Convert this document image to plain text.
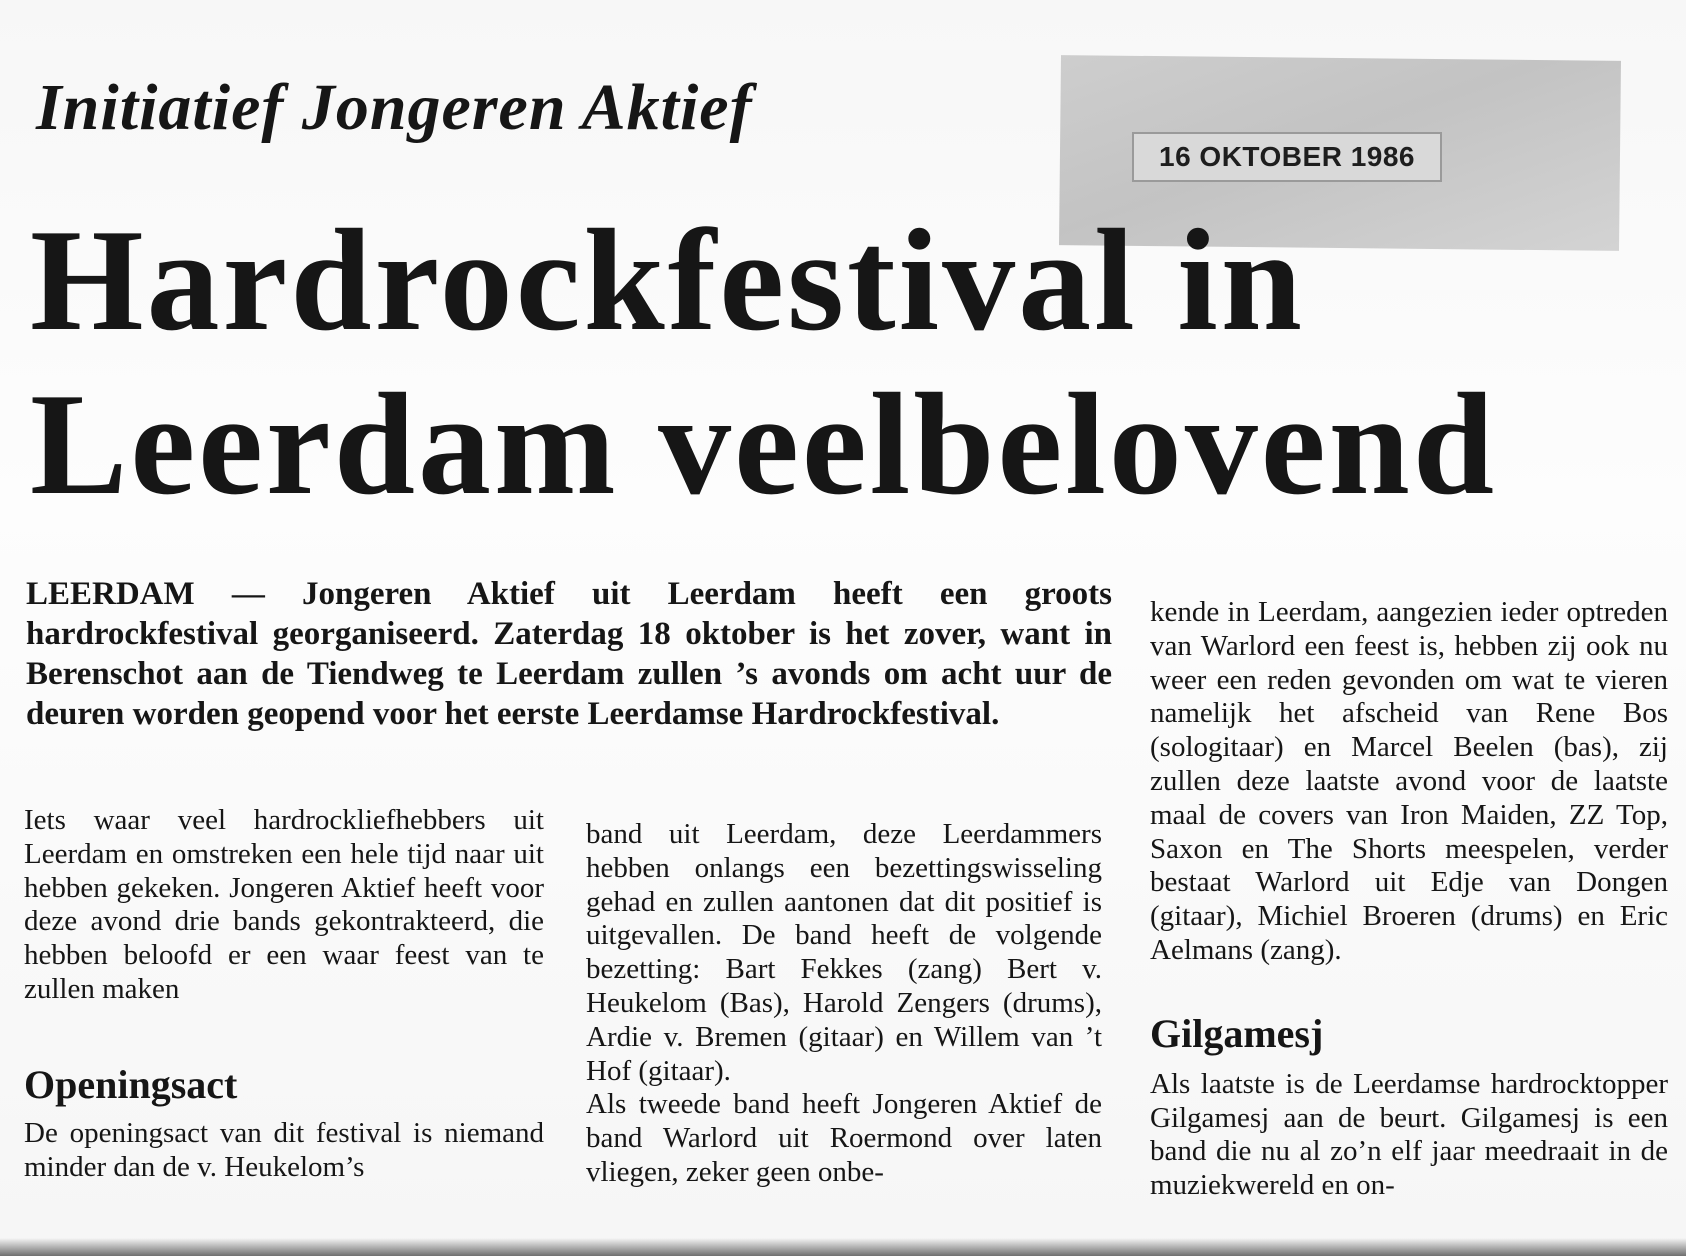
16 OKTOBER 1986
Initiatief Jongeren Aktief
Hardrockfestival in Leerdam veelbelovend

LEERDAM — Jongeren Aktief uit Leerdam heeft een groots hardrockfestival georganiseerd. Zaterdag 18 oktober is het zover, want in Berenschot aan de Tiendweg te Leerdam zullen ’s avonds om acht uur de deuren worden geopend voor het eerste Leerdamse Hardrockfestival.

Iets waar veel hardrockliefhebbers uit Leerdam en omstreken een hele tijd naar uit hebben gekeken. Jongeren Aktief heeft voor deze avond drie bands gekontrakteerd, die hebben beloofd er een waar feest van te zullen maken

Openingsact

De openingsact van dit festival is niemand minder dan de v. Heukelom’s

band uit Leerdam, deze Leerdammers hebben onlangs een bezettingswisseling gehad en zullen aantonen dat dit positief is uitgevallen. De band heeft de volgende bezetting: Bart Fekkes (zang) Bert v. Heukelom (Bas), Harold Zengers (drums), Ardie v. Bremen (gitaar) en Willem van ’t Hof (gitaar).

Als tweede band heeft Jongeren Aktief de band Warlord uit Roermond over laten vliegen, zeker geen onbe-

kende in Leerdam, aangezien ieder optreden van Warlord een feest is, hebben zij ook nu weer een reden gevonden om wat te vieren namelijk het afscheid van Rene Bos (sologitaar) en Marcel Beelen (bas), zij zullen deze laatste avond voor de laatste maal de covers van Iron Maiden, ZZ Top, Saxon en The Shorts meespelen, verder bestaat Warlord uit Edje van Dongen (gitaar), Michiel Broeren (drums) en Eric Aelmans (zang).

Gilgamesj

Als laatste is de Leerdamse hardrocktopper Gilgamesj aan de beurt. Gilgamesj is een band die nu al zo’n elf jaar meedraait in de muziekwereld en on-
